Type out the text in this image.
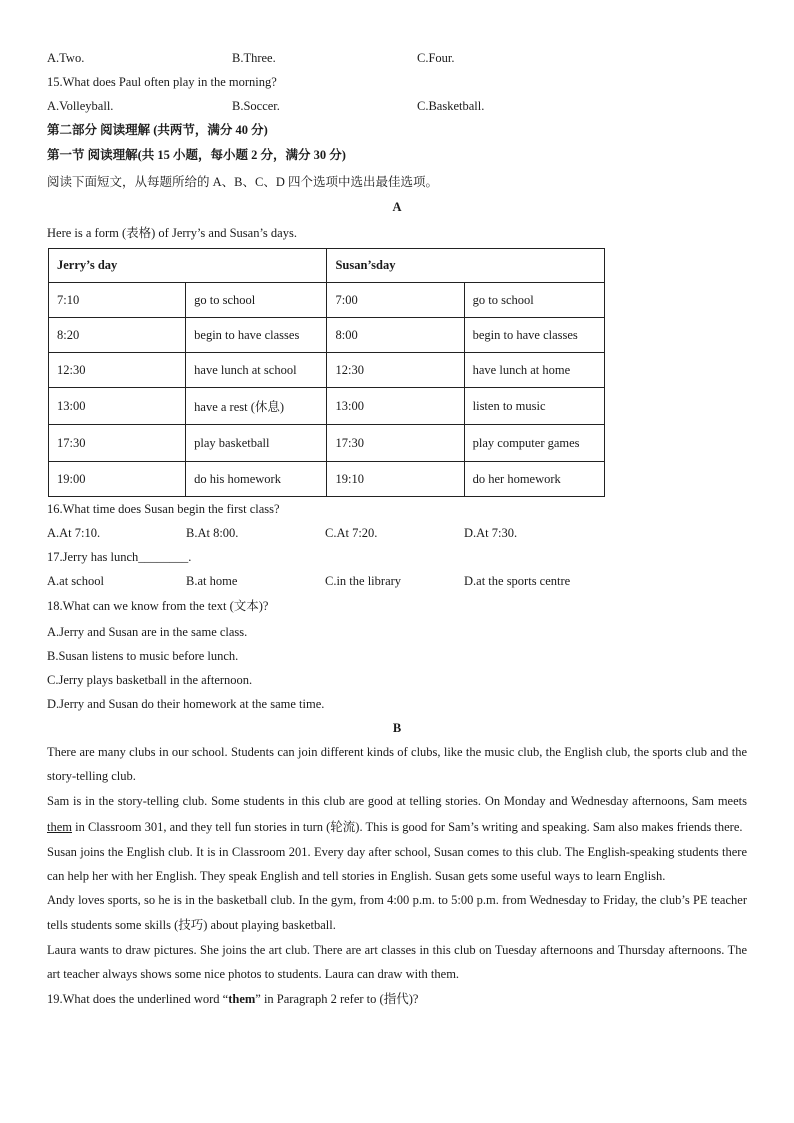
A.Two.	B.Three.	C.Four.
15.What does Paul often play in the morning?
A.Volleyball.	B.Soccer.	C.Basketball.
第二部分 阅读理解 (共两节，满分 40 分)
第一节 阅读理解(共 15 小题，每小题 2 分，满分 30 分)
阅读下面短文，从每题所给的 A、B、C、D 四个选项中选出最佳选项。
A
Here is a form (表格) of Jerry’s and Susan’s days.
Jerry’s day		Susan’sday	
7:10	go to school	7:00	go to school
8:20	begin to have classes	8:00	begin to have classes
12:30	have lunch at school	12:30	have lunch at home
13:00	have a rest (休息)	13:00	listen to music
17:30	play basketball	17:30	play computer games
19:00	do his homework	19:10	do her homework
16.What time does Susan begin the first class?
A.At 7:10.	B.At 8:00.	C.At 7:20.	D.At 7:30.
17.Jerry has lunch________.
A.at school	B.at home	C.in the library	D.at the sports centre
18.What can we know from the text (文本)?
A.Jerry and Susan are in the same class.
B.Susan listens to music before lunch.
C.Jerry plays basketball in the afternoon.
D.Jerry and Susan do their homework at the same time.
B
There are many clubs in our school. Students can join different kinds of clubs, like the music club, the English club, the sports club and the story-telling club.
Sam is in the story-telling club. Some students in this club are good at telling stories. On Monday and Wednesday afternoons, Sam meets them in Classroom 301, and they tell fun stories in turn (轮流). This is good for Sam’s writing and speaking. Sam also makes friends there.
Susan joins the English club. It is in Classroom 201. Every day after school, Susan comes to this club. The English-speaking students there can help her with her English. They speak English and tell stories in English. Susan gets some useful ways to learn English.
Andy loves sports, so he is in the basketball club. In the gym, from 4:00 p.m. to 5:00 p.m. from Wednesday to Friday, the club’s PE teacher tells students some skills (技巧) about playing basketball.
Laura wants to draw pictures. She joins the art club. There are art classes in this club on Tuesday afternoons and Thursday afternoons. The art teacher always shows some nice photos to students. Laura can draw with them.
19.What does the underlined word “them” in Paragraph 2 refer to (指代)?
